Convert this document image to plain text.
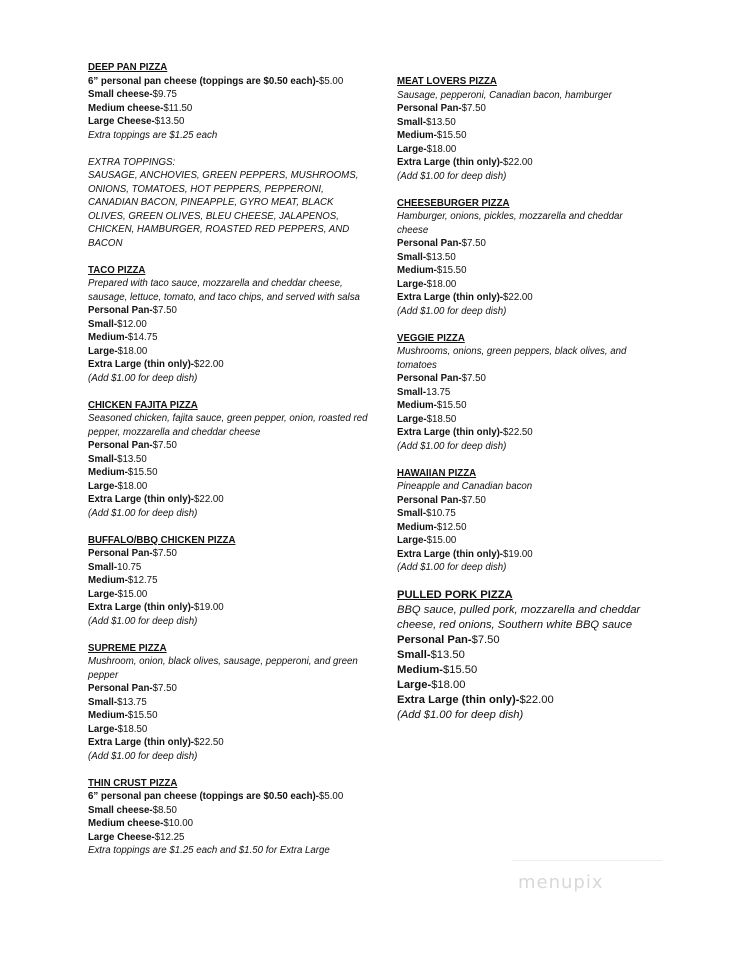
DEEP PAN PIZZA
6” personal pan cheese (toppings are $0.50 each)-$5.00
Small cheese-$9.75
Medium cheese-$11.50
Large Cheese-$13.50
Extra toppings are $1.25 each
EXTRA TOPPINGS:
SAUSAGE, ANCHOVIES, GREEN PEPPERS, MUSHROOMS, ONIONS, TOMATOES, HOT PEPPERS, PEPPERONI, CANADIAN BACON, PINEAPPLE, GYRO MEAT, BLACK OLIVES, GREEN OLIVES, BLEU CHEESE, JALAPENOS, CHICKEN, HAMBURGER, ROASTED RED PEPPERS, AND BACON
TACO PIZZA
Prepared with taco sauce, mozzarella and cheddar cheese, sausage, lettuce, tomato, and taco chips, and served with salsa
Personal Pan-$7.50
Small-$12.00
Medium-$14.75
Large-$18.00
Extra Large (thin only)-$22.00
(Add $1.00 for deep dish)
CHICKEN FAJITA PIZZA
Seasoned chicken, fajita sauce, green pepper, onion, roasted red pepper, mozzarella and cheddar cheese
Personal Pan-$7.50
Small-$13.50
Medium-$15.50
Large-$18.00
Extra Large (thin only)-$22.00
(Add $1.00 for deep dish)
BUFFALO/BBQ CHICKEN PIZZA
Personal Pan-$7.50
Small-10.75
Medium-$12.75
Large-$15.00
Extra Large (thin only)-$19.00
(Add $1.00 for deep dish)
SUPREME PIZZA
Mushroom, onion, black olives, sausage, pepperoni, and green pepper
Personal Pan-$7.50
Small-$13.75
Medium-$15.50
Large-$18.50
Extra Large (thin only)-$22.50
(Add $1.00 for deep dish)
THIN CRUST PIZZA
6” personal pan cheese (toppings are $0.50 each)-$5.00
Small cheese-$8.50
Medium cheese-$10.00
Large Cheese-$12.25
Extra toppings are $1.25 each and $1.50 for Extra Large
MEAT LOVERS PIZZA
Sausage, pepperoni, Canadian bacon, hamburger
Personal Pan-$7.50
Small-$13.50
Medium-$15.50
Large-$18.00
Extra Large (thin only)-$22.00
(Add $1.00 for deep dish)
CHEESEBURGER PIZZA
Hamburger, onions, pickles, mozzarella and cheddar cheese
Personal Pan-$7.50
Small-$13.50
Medium-$15.50
Large-$18.00
Extra Large (thin only)-$22.00
(Add $1.00 for deep dish)
VEGGIE PIZZA
Mushrooms, onions, green peppers, black olives, and tomatoes
Personal Pan-$7.50
Small-13.75
Medium-$15.50
Large-$18.50
Extra Large (thin only)-$22.50
(Add $1.00 for deep dish)
HAWAIIAN PIZZA
Pineapple and Canadian bacon
Personal Pan-$7.50
Small-$10.75
Medium-$12.50
Large-$15.00
Extra Large (thin only)-$19.00
(Add $1.00 for deep dish)
PULLED PORK PIZZA
BBQ sauce, pulled pork, mozzarella and cheddar cheese, red onions, Southern white BBQ sauce
Personal Pan-$7.50
Small-$13.50
Medium-$15.50
Large-$18.00
Extra Large (thin only)-$22.00
(Add $1.00 for deep dish)
menupix
